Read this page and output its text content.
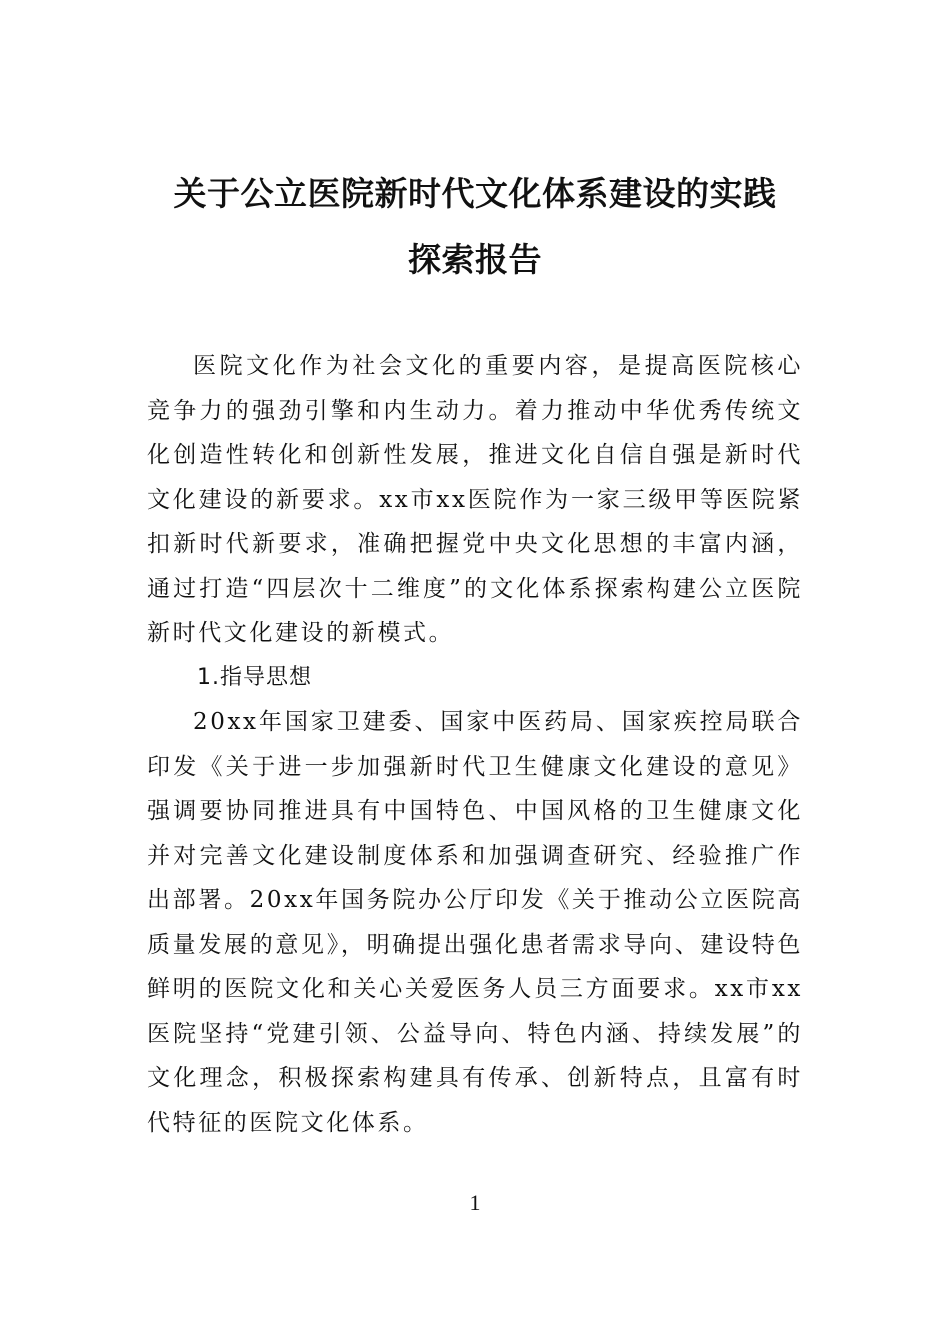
关于公立医院新时代文化体系建设的实践
探索报告

医院文化作为社会文化的重要内容，是提高医院核心竞争力的强劲引擎和内生动力。着力推动中华优秀传统文化创造性转化和创新性发展，推进文化自信自强是新时代文化建设的新要求。xx市xx医院作为一家三级甲等医院紧扣新时代新要求，准确把握党中央文化思想的丰富内涵，通过打造“四层次十二维度”的文化体系探索构建公立医院新时代文化建设的新模式。

1.指导思想

20xx年国家卫建委、国家中医药局、国家疾控局联合印发《关于进一步加强新时代卫生健康文化建设的意见》强调要协同推进具有中国特色、中国风格的卫生健康文化并对完善文化建设制度体系和加强调查研究、经验推广作出部署。20xx年国务院办公厅印发《关于推动公立医院高质量发展的意见》，明确提出强化患者需求导向、建设特色鲜明的医院文化和关心关爱医务人员三方面要求。xx市xx医院坚持“党建引领、公益导向、特色内涵、持续发展”的文化理念，积极探索构建具有传承、创新特点，且富有时代特征的医院文化体系。

1
